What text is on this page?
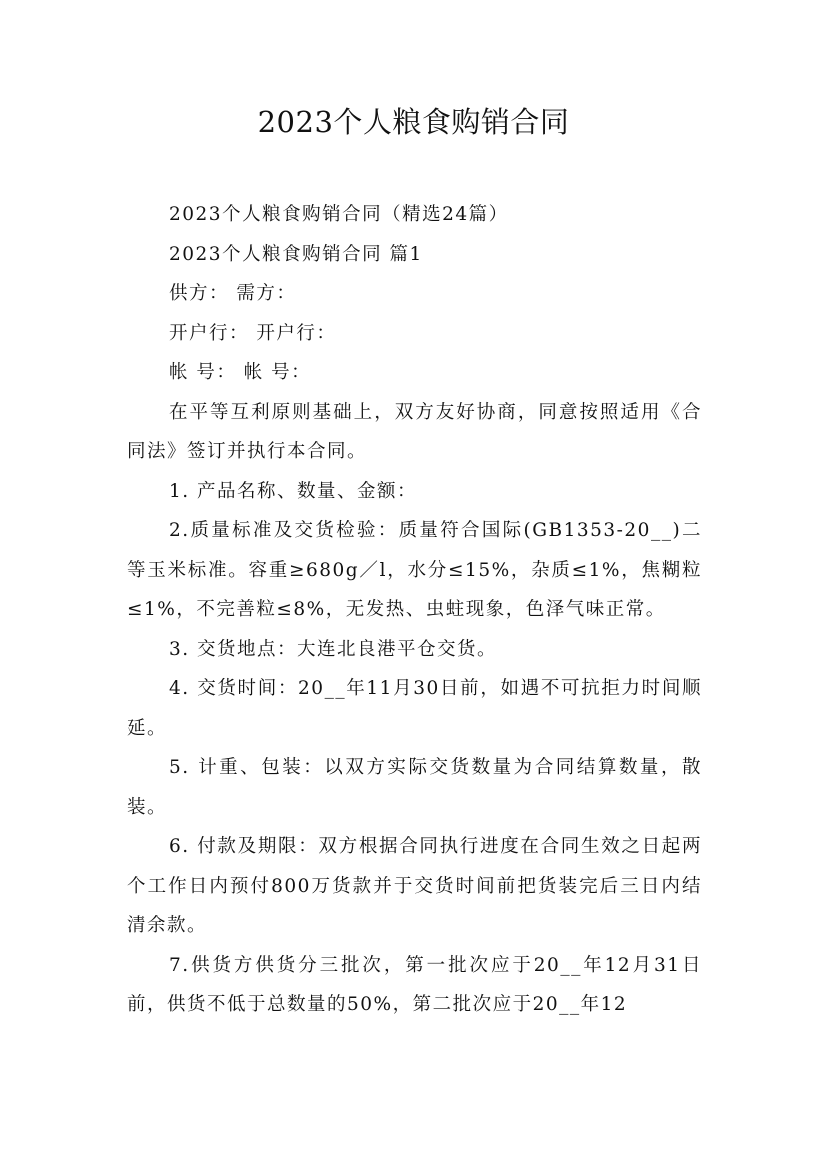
2023个人粮食购销合同

2023个人粮食购销合同（精选24篇）

2023个人粮食购销合同 篇1

供方： 需方：

开户行： 开户行：

帐 号： 帐 号：

在平等互利原则基础上，双方友好协商，同意按照适用《合同法》签订并执行本合同。

1. 产品名称、数量、金额：

2.质量标准及交货检验：质量符合国际(GB1353-20__)二等玉米标准。容重≥680g／l，水分≤15%，杂质≤1%，焦糊粒≤1%，不完善粒≤8%，无发热、虫蛀现象，色泽气味正常。

3. 交货地点：大连北良港平仓交货。

4. 交货时间：20__年11月30日前，如遇不可抗拒力时间顺延。

5. 计重、包装：以双方实际交货数量为合同结算数量，散装。

6. 付款及期限：双方根据合同执行进度在合同生效之日起两个工作日内预付800万货款并于交货时间前把货装完后三日内结清余款。

7.供货方供货分三批次，第一批次应于20__年12月31日前，供货不低于总数量的50%，第二批次应于20__年12
